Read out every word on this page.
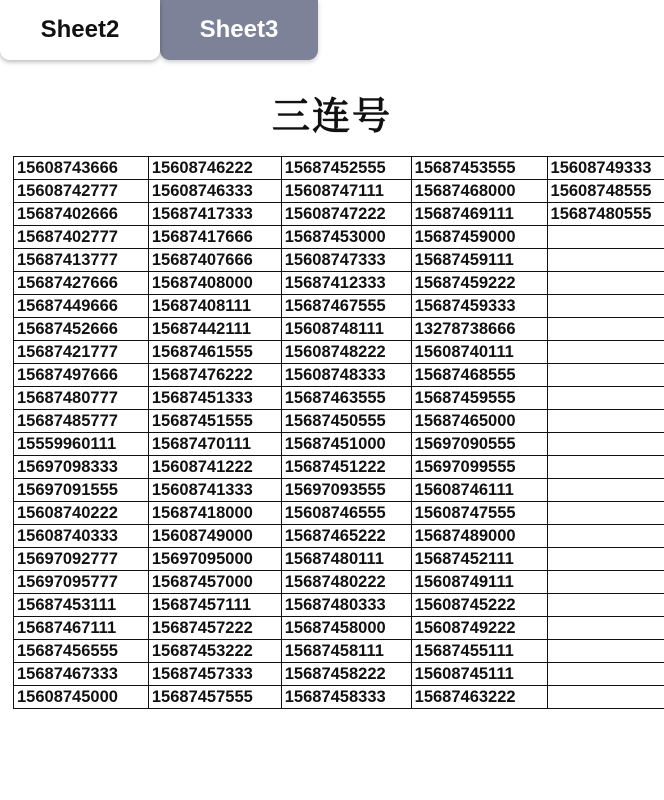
Sheet2	Sheet3
三连号
15608743666	15608746222	15687452555	15687453555	15608749333
15608742777	15608746333	15608747111	15687468000	15608748555
15687402666	15687417333	15608747222	15687469111	15687480555
15687402777	15687417666	15687453000	15687459000	
15687413777	15687407666	15608747333	15687459111	
15687427666	15687408000	15687412333	15687459222	
15687449666	15687408111	15687467555	15687459333	
15687452666	15687442111	15608748111	13278738666	
15687421777	15687461555	15608748222	15608740111	
15687497666	15687476222	15608748333	15687468555	
15687480777	15687451333	15687463555	15687459555	
15687485777	15687451555	15687450555	15687465000	
15559960111	15687470111	15687451000	15697090555	
15697098333	15608741222	15687451222	15697099555	
15697091555	15608741333	15697093555	15608746111	
15608740222	15687418000	15608746555	15608747555	
15608740333	15608749000	15687465222	15687489000	
15697092777	15697095000	15687480111	15687452111	
15697095777	15687457000	15687480222	15608749111	
15687453111	15687457111	15687480333	15608745222	
15687467111	15687457222	15687458000	15608749222	
15687456555	15687453222	15687458111	15687455111	
15687467333	15687457333	15687458222	15608745111	
15608745000	15687457555	15687458333	15687463222	
